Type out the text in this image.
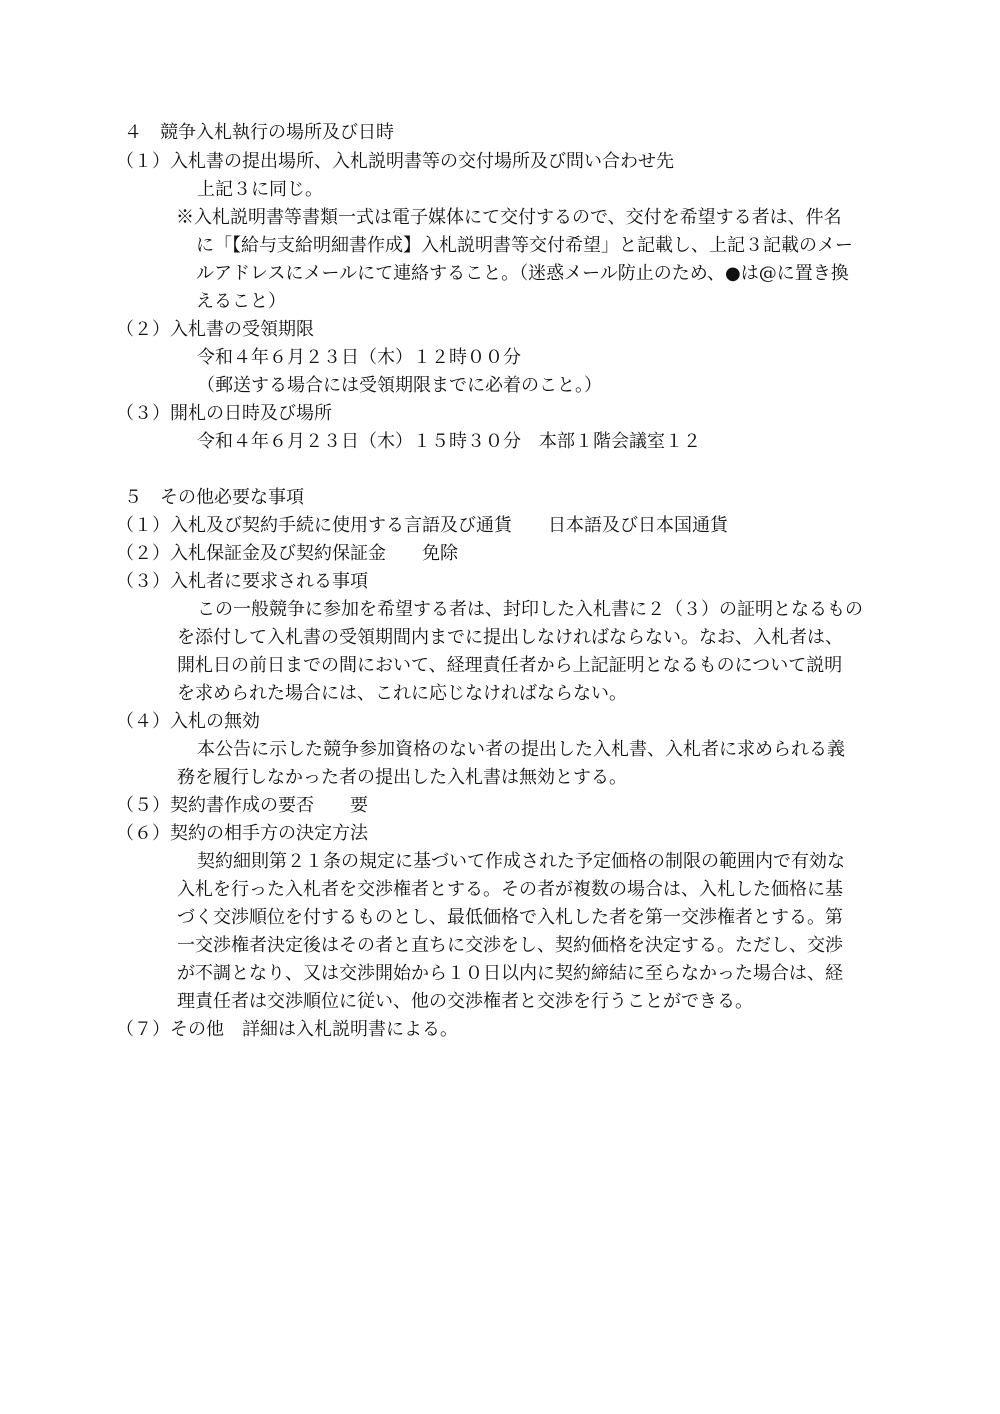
４　競争入札執行の場所及び日時
（１）入札書の提出場所、入札説明書等の交付場所及び問い合わせ先
上記３に同じ。
※入札説明書等書類一式は電子媒体にて交付するので、交付を希望する者は、件名
に「【給与支給明細書作成】入札説明書等交付希望」と記載し、上記３記載のメー
ルアドレスにメールにて連絡すること。（迷惑メール防止のため、●は@に置き換
えること）
（２）入札書の受領期限
令和４年６月２３日（木）１２時００分
（郵送する場合には受領期限までに必着のこと。）
（３）開札の日時及び場所
令和４年６月２３日（木）１５時３０分　本部１階会議室１２
５　その他必要な事項
（１）入札及び契約手続に使用する言語及び通貨　　日本語及び日本国通貨
（２）入札保証金及び契約保証金　　免除
（３）入札者に要求される事項
この一般競争に参加を希望する者は、封印した入札書に２（３）の証明となるもの
を添付して入札書の受領期間内までに提出しなければならない。なお、入札者は、
開札日の前日までの間において、経理責任者から上記証明となるものについて説明
を求められた場合には、これに応じなければならない。
（４）入札の無効
本公告に示した競争参加資格のない者の提出した入札書、入札者に求められる義
務を履行しなかった者の提出した入札書は無効とする。
（５）契約書作成の要否　　要
（６）契約の相手方の決定方法
契約細則第２１条の規定に基づいて作成された予定価格の制限の範囲内で有効な
入札を行った入札者を交渉権者とする。その者が複数の場合は、入札した価格に基
づく交渉順位を付するものとし、最低価格で入札した者を第一交渉権者とする。第
一交渉権者決定後はその者と直ちに交渉をし、契約価格を決定する。ただし、交渉
が不調となり、又は交渉開始から１０日以内に契約締結に至らなかった場合は、経
理責任者は交渉順位に従い、他の交渉権者と交渉を行うことができる。
（７）その他　詳細は入札説明書による。
